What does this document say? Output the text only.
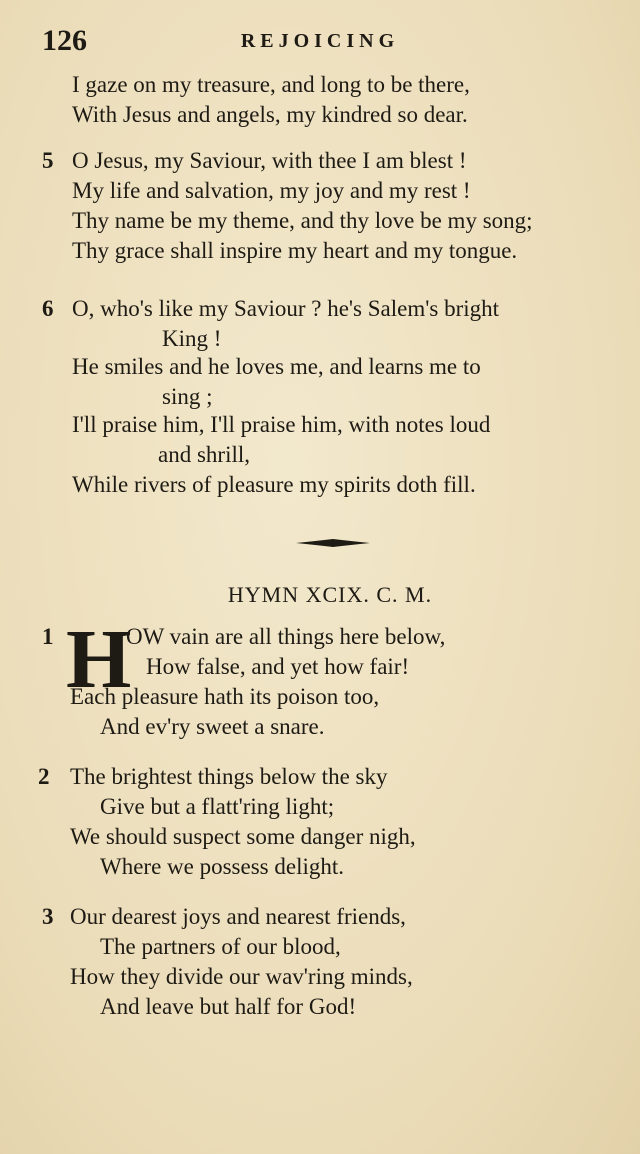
126	REJOICING
I gaze on my treasure, and long to be there,
With Jesus and angels, my kindred so dear.
5 O Jesus, my Saviour, with thee I am blest !
My life and salvation, my joy and my rest !
Thy name be my theme, and thy love be my song;
Thy grace shall inspire my heart and my tongue.
6 O, who's like my Saviour ? he's Salem's bright
King !
He smiles and he loves me, and learns me to
sing ;
I'll praise him, I'll praise him, with notes loud
and shrill,
While rivers of pleasure my spirits doth fill.
HYMN XCIX. C. M.
1 H
OW vain are all things here below,
How false, and yet how fair!
Each pleasure hath its poison too,
And ev'ry sweet a snare.
2 The brightest things below the sky
Give but a flatt'ring light;
We should suspect some danger nigh,
Where we possess delight.
3 Our dearest joys and nearest friends,
The partners of our blood,
How they divide our wav'ring minds,
And leave but half for God!
